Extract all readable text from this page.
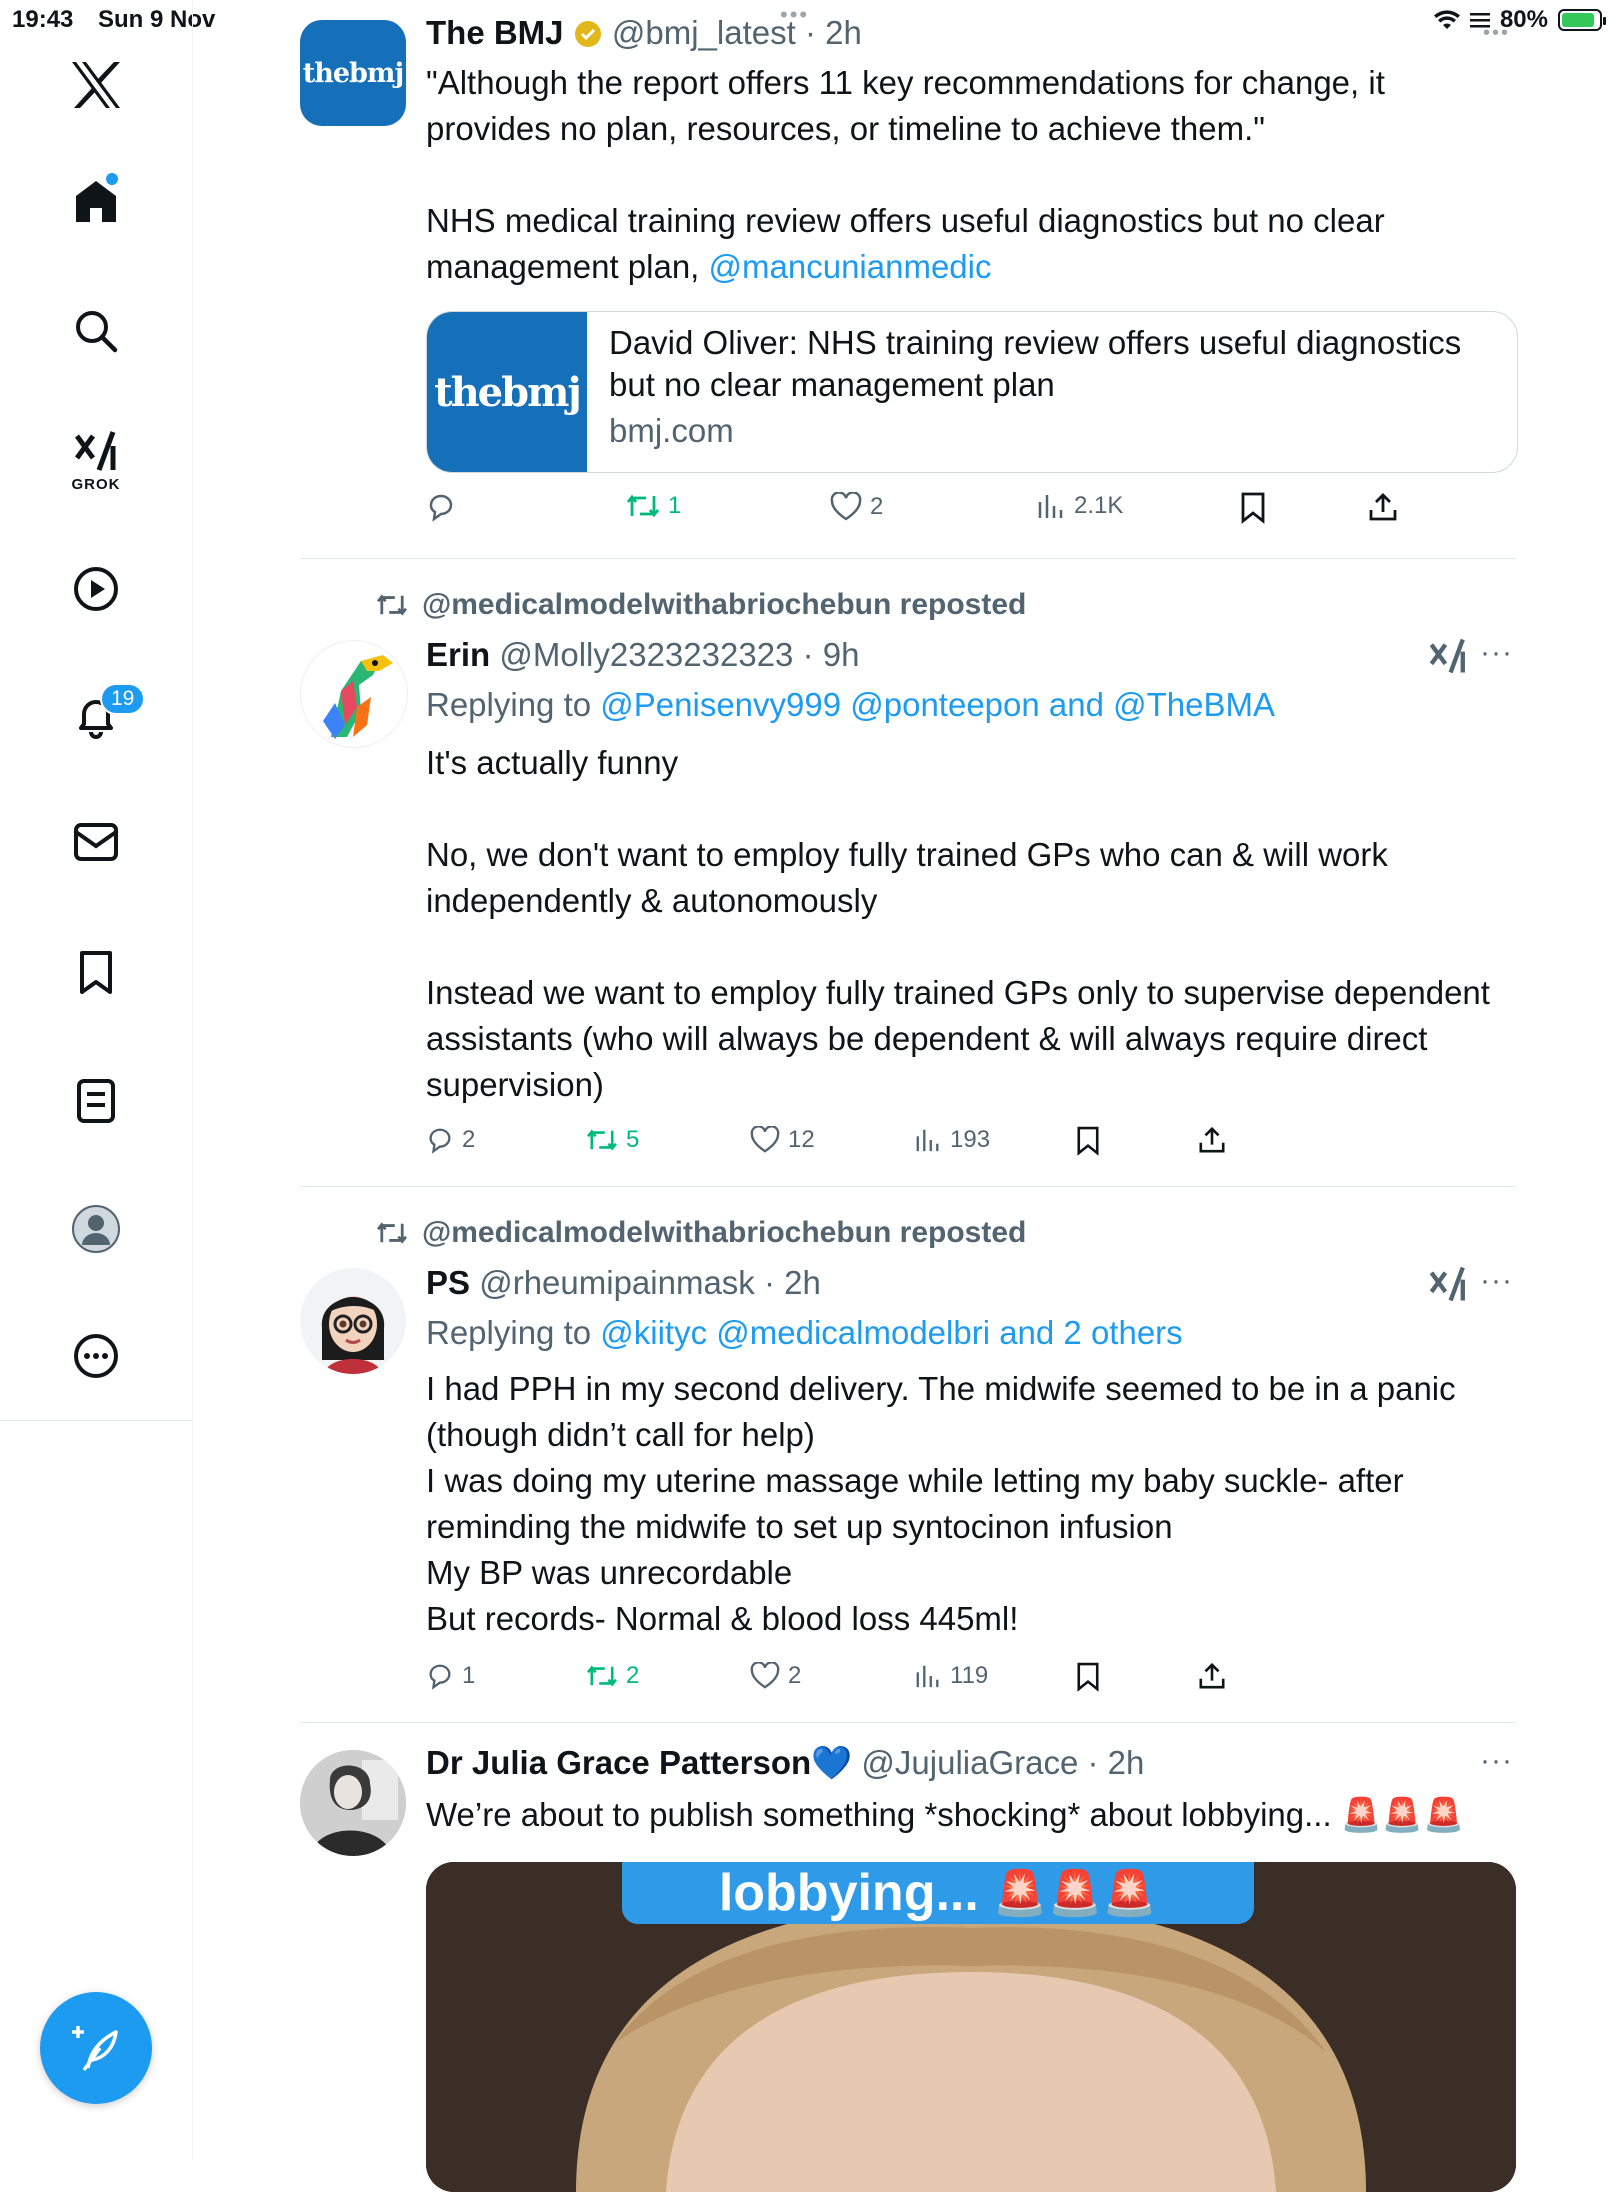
19:43 Sun 9 Nov	•••	80%
•••
GROK
19
thebmj
The BMJ @bmj_latest · 2h

"Although the report offers 11 key recommendations for change, it provides no plan, resources, or timeline to achieve them."

NHS medical training review offers useful diagnostics but no clear management plan, @mancunianmedic

thebmj
David Oliver: NHS training review offers useful diagnostics but no clear management plan
bmj.com
1	2	2.1K
@medicalmodelwithabriochebun reposted
Erin @Molly2323232323 · 9h	···
Replying to @Penisenvy999 @ponteepon and @TheBMA

It's actually funny

No, we don't want to employ fully trained GPs who can & will work independently & autonomously

Instead we want to employ fully trained GPs only to supervise dependent assistants (who will always be dependent & will always require direct supervision)

2	5	12	193
@medicalmodelwithabriochebun reposted
PS @rheumipainmask · 2h	···
Replying to @kiityc @medicalmodelbri and 2 others

I had PPH in my second delivery. The midwife seemed to be in a panic (though didn’t call for help)

I was doing my uterine massage while letting my baby suckle- after reminding the midwife to set up syntocinon infusion

My BP was unrecordable

But records- Normal & blood loss 445ml!

1	2	2	119
Dr Julia Grace Patterson💙 @JujuliaGrace · 2h	···
We’re about to publish something *shocking* about lobbying... 🚨🚨🚨
lobbying... 🚨🚨🚨
